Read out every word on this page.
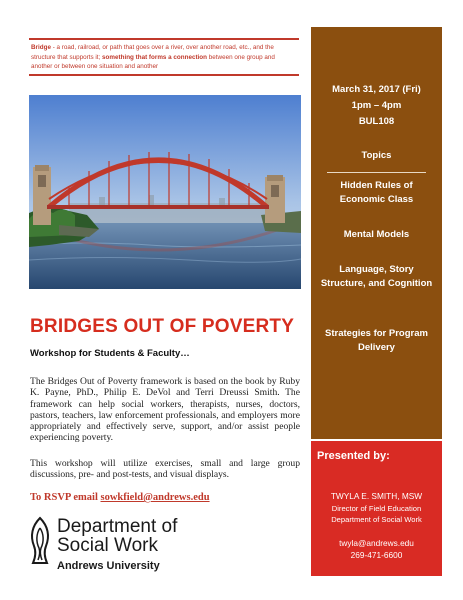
Bridge - a road, railroad, or path that goes over a river, over another road, etc., and the structure that supports it; something that forms a connection between one group and another or between one situation and another
BRIDGES OUT OF POVERTY
Workshop for Students & Faculty…

The Bridges Out of Poverty framework is based on the book by Ruby K. Payne, PhD., Philip E. DeVol and Terri Dreussi Smith. The framework can help social workers, therapists, nurses, doctors, pastors, teachers, law enforcement professionals, and employers more appropriately and effectively serve, support, and/or assist people experiencing poverty.

This workshop will utilize exercises, small and large group discussions, pre- and post-tests, and visual displays.

To RSVP email sowkfield@andrews.edu
Department of
Social Work
Andrews University
March 31, 2017 (Fri)
1pm – 4pm
BUL108
Topics
Hidden Rules of Economic Class
Mental Models
Language, Story Structure, and Cognition
Strategies for Program Delivery
Presented by:
TWYLA E. SMITH, MSW
Director of Field Education
Department of Social Work
twyla@andrews.edu
269-471-6600
